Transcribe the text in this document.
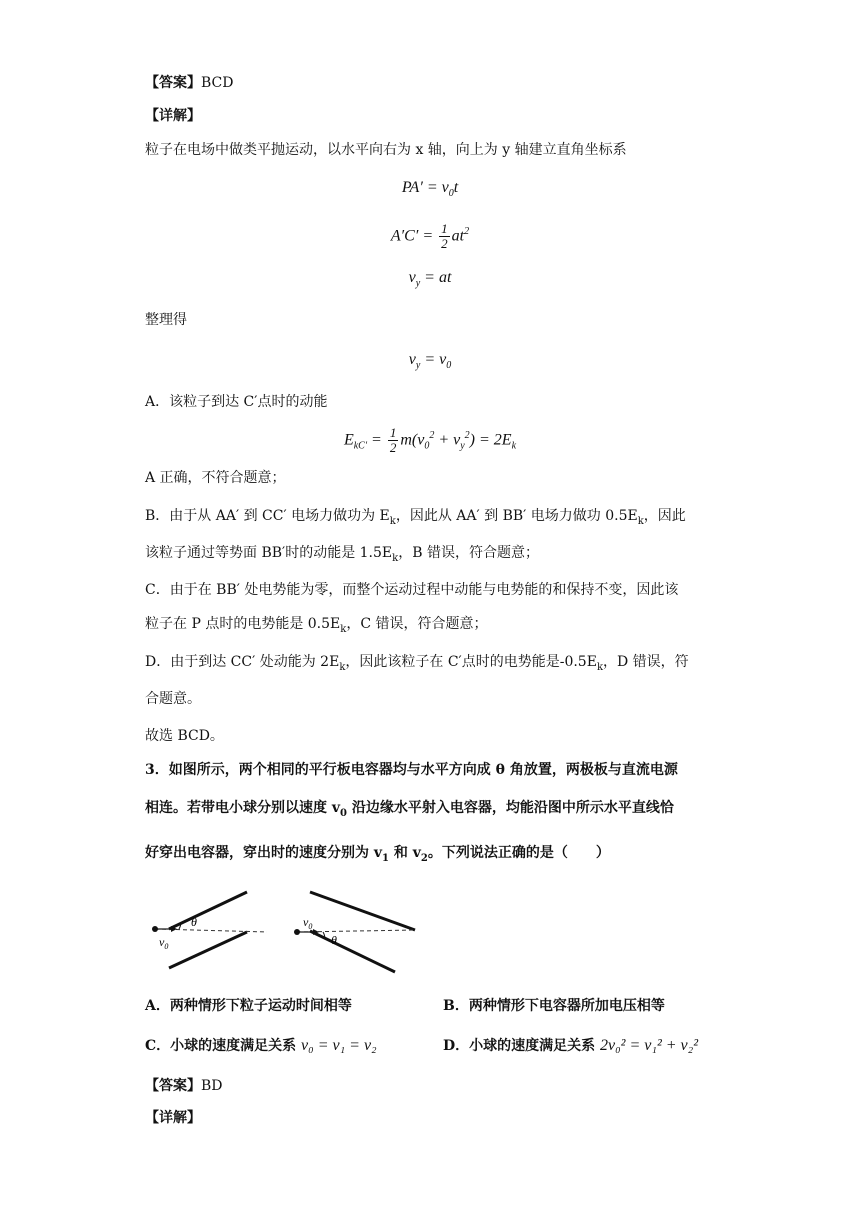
【答案】BCD
【详解】
粒子在电场中做类平抛运动，以水平向右为 x 轴，向上为 y 轴建立直角坐标系
$PA' = v_0t$
$A'C' = \frac{1}{2} at^2$
$v_y$ = at
整理得
$v_y = v_0$
A．该粒子到达 C′点时的动能
$E_{kC'} = \frac{1}{2} m(v_0^2 + v_y^2) = 2E_k$
A 正确，不符合题意；
B．由于从 AA′ 到 CC′ 电场力做功为 $E_k$，因此从 AA′ 到 BB′ 电场力做功 $0.5E_k$，因此
该粒子通过等势面 BB′时的动能是 $1.5E_k$，B 错误，符合题意；
C．由于在 BB′ 处电势能为零，而整个运动过程中动能与电势能的和保持不变，因此该
粒子在 P 点时的电势能是 $0.5E_k$，C 错误，符合题意；
D．由于到达 CC′ 处动能为 $2E_k$，因此该粒子在 C′点时的电势能是$-0.5E_k$，D 错误，符
合题意。
故选 BCD。
3．如图所示，两个相同的平行板电容器均与水平方向成 θ 角放置，两极板与直流电源
相连。若带电小球分别以速度 $v_0$ 沿边缘水平射入电容器，均能沿图中所示水平直线恰
好穿出电容器，穿出时的速度分别为 $v_1$ 和 $v_2$。下列说法正确的是（　　）
θ
$v_0$	θ
$v_0$
A．两种情形下粒子运动时间相等	B．两种情形下电容器所加电压相等
C．小球的速度满足关系 v₀ = v₁ = v₂	D．小球的速度满足关系 2v₀² = v₁² + v₂²
【答案】BD
【详解】
